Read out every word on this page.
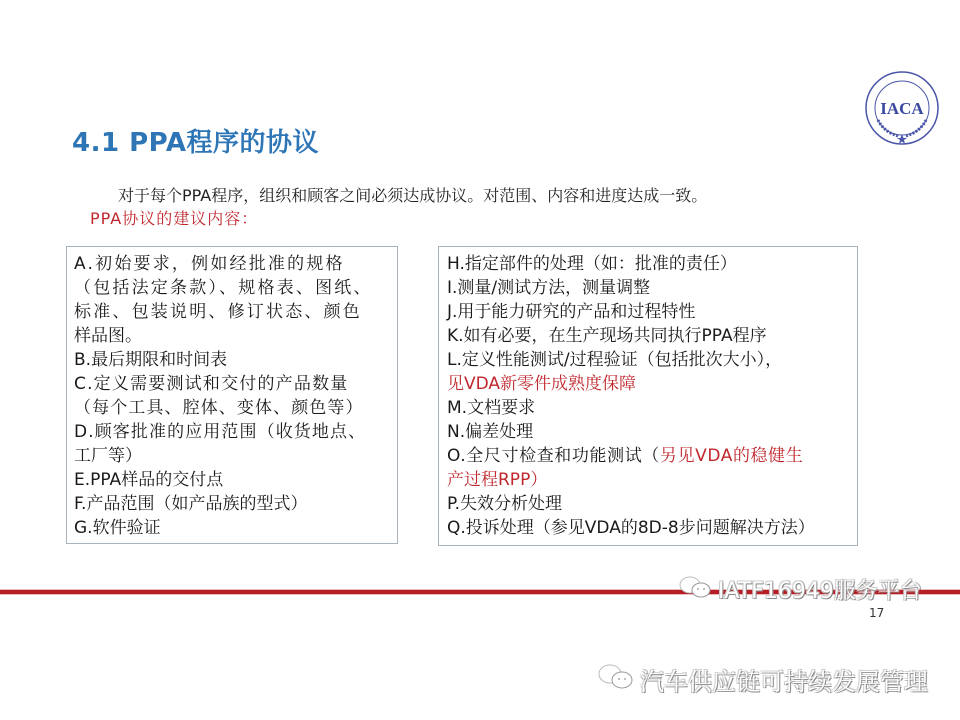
IACA
4.1 PPA程序的协议
对于每个PPA程序，组织和顾客之间必须达成协议。对范围、内容和进度达成一致。
PPA协议的建议内容：
A.初始要求，例如经批准的规格
（包括法定条款）、规格表、图纸、
标准、包装说明、修订状态、颜色
样品图。
B.最后期限和时间表
C.定义需要测试和交付的产品数量
（每个工具、腔体、变体、颜色等）
D.顾客批准的应用范围（收货地点、
工厂等）
E.PPA样品的交付点
F.产品范围（如产品族的型式）
G.软件验证
H.指定部件的处理（如：批准的责任）
I.测量/测试方法，测量调整
J.用于能力研究的产品和过程特性
K.如有必要，在生产现场共同执行PPA程序
L.定义性能测试/过程验证（包括批次大小），
见VDA新零件成熟度保障
M.文档要求
N.偏差处理
O.全尺寸检查和功能测试（另见VDA的稳健生
产过程RPP）
P.失效分析处理
Q.投诉处理（参见VDA的8D-8步问题解决方法）
IATF16949服务平台
17
汽车供应链可持续发展管理
